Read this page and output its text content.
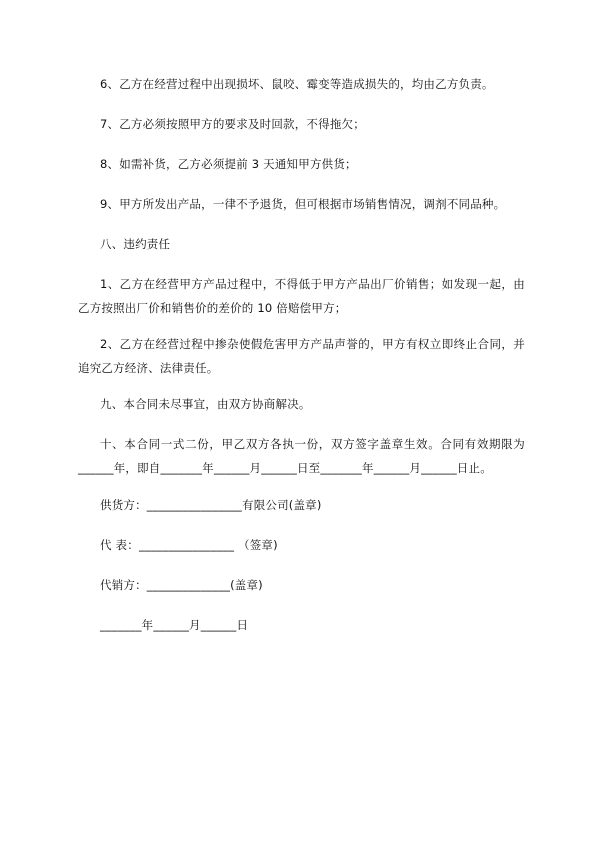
6、乙方在经营过程中出现损坏、鼠咬、霉变等造成损失的，均由乙方负责。
7、乙方必须按照甲方的要求及时回款，不得拖欠；
8、如需补货，乙方必须提前 3 天通知甲方供货；
9、甲方所发出产品，一律不予退货，但可根据市场销售情况，调剂不同品种。
八、违约责任
1、乙方在经营甲方产品过程中，不得低于甲方产品出厂价销售；如发现一起，由乙方按照出厂价和销售价的差价的 10 倍赔偿甲方；
2、乙方在经营过程中掺杂使假危害甲方产品声誉的，甲方有权立即终止合同，并追究乙方经济、法律责任。
九、本合同未尽事宜，由双方协商解决。
十、本合同一式二份，甲乙双方各执一份，双方签字盖章生效。合同有效期限为______年，即自_______年______月______日至_______年______月______日止。
供货方：________________有限公司(盖章)
代 表：________________ （签章)
代销方：______________(盖章)
_______年______月______日
